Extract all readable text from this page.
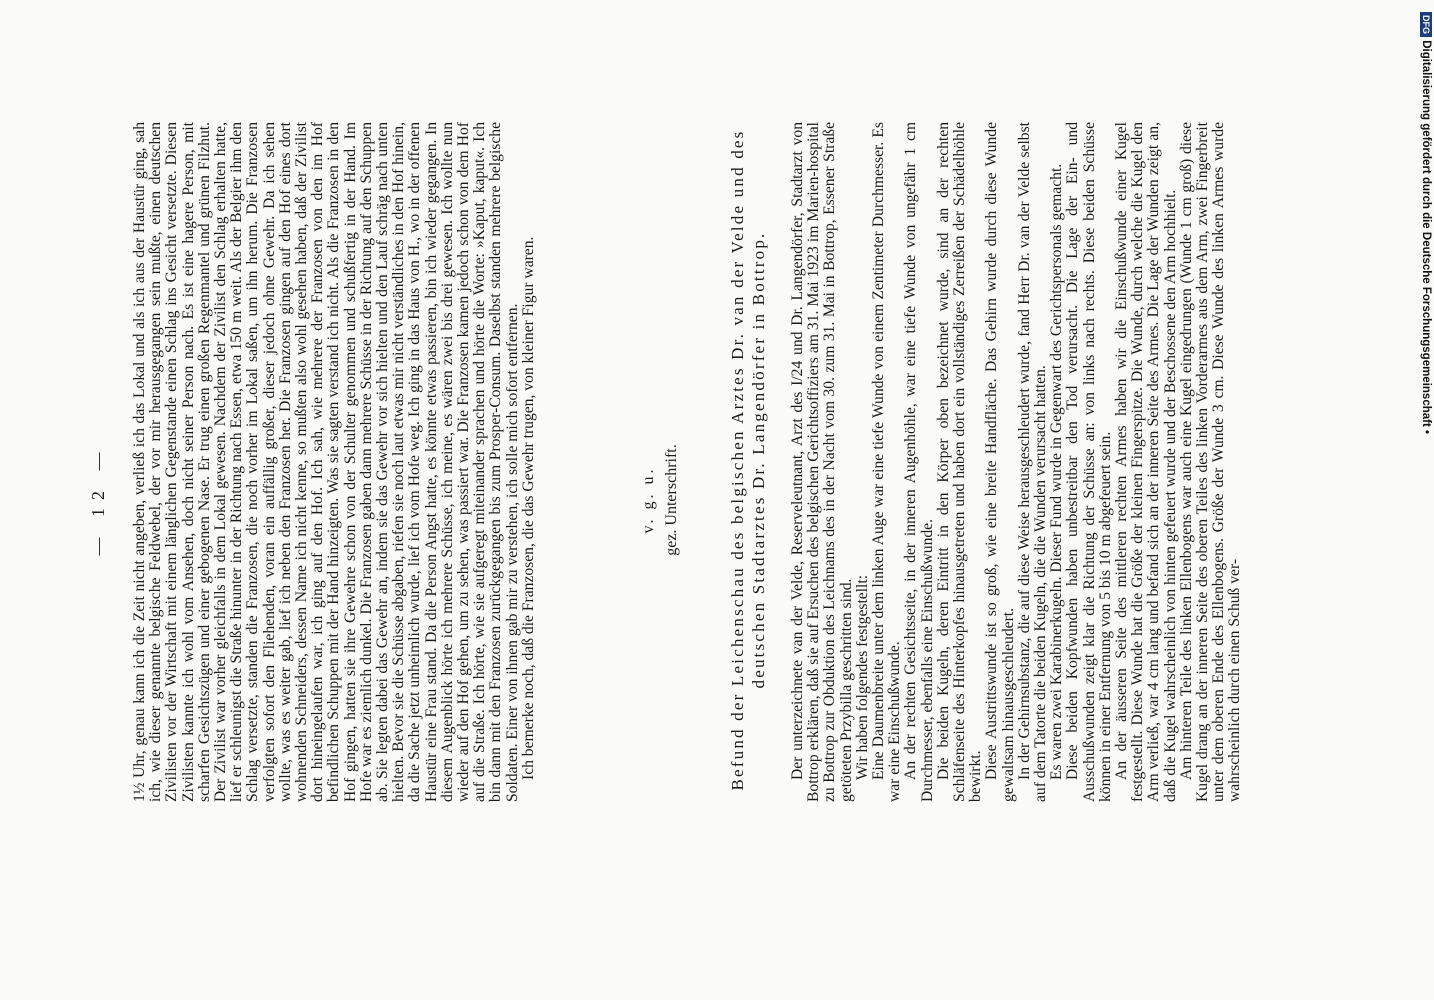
— 12 — 1½ Uhr, genau kann ich die Zeit nicht angeben, verließ ich das Lokal und als ich aus der Haustür ging, sah ich, wie dieser genannte belgische Feldwebel, der vor mir herausgegangen sein mußte, einen deutschen Zivilisten vor der Wirtschaft mit einem länglichen Gegenstande einen Schlag ins Gesicht versetzte. Diesen Zivilisten kannte ich wohl vom Ansehen, doch nicht seiner Person nach. Es ist eine hagere Person, mit scharfen Gesichtszügen und einer gebogenen Nase. Er trug einen großen Regenmantel und grünen Filzhut. Der Zivilist war vorher gleichfalls in dem Lokal gewesen. Nachdem der Zivilist den Schlag erhalten hatte, lief er schleunigst die Straße hinunter in der Richtung nach Essen, etwa 150 m weit. Als der Belgier ihm den Schlag versetzte, standen die Franzosen, die noch vorher im Lokal saßen, um ihn herum. Die Franzosen verfolgten sofort den Fliehenden, voran ein auffällig großer, dieser jedoch ohne Gewehr. Da ich sehen wollte, was es weiter gab, lief ich neben den Franzosen her. Die Franzosen gingen auf den Hof eines dort wohnenden Schneiders, dessen Name ich nicht kenne, so mußten also wohl gesehen haben, daß der Zivilist dort hineingelaufen war, ich ging auf den Hof. Ich sah, wie mehrere der Franzosen von den im Hof befindlichen Schuppen mit der Hand hinzeigten. Was sie sagten verstand ich nicht. Als die Franzosen in den Hof gingen, hatten sie ihre Gewehre schon von der Schulter genommen und schußfertig in der Hand. Im Hofe war es ziemlich dunkel. Die Franzosen gaben dann mehrere Schüsse in der Richtung auf den Schuppen ab. Sie legten dabei das Gewehr an, indem sie das Gewehr vor sich hielten und den Lauf schräg nach unten hielten. Bevor sie die Schüsse abgaben, riefen sie noch laut etwas mir nicht verständliches in den Hof hinein, da die Sache jetzt unheimlich wurde, lief ich vom Hofe weg. Ich ging in das Haus von H., wo in der offenen Haustür eine Frau stand. Da die Person Angst hatte, es könnte etwas passieren, bin ich wieder gegangen. In diesem Augenblick hörte ich mehrere Schüsse, ich meine, es wären zwei bis drei gewesen. Ich wollte nun wieder auf den Hof gehen, um zu sehen, was passiert war. Die Franzosen kamen jedoch schon von dem Hof auf die Straße. Ich hörte, wie sie aufgeregt miteinander sprachen und hörte die Worte: »Kaput, kaput«. Ich bin dann mit den Franzosen zurückgegangen bis zum Prosper-Consum. Daselbst standen mehrere belgische Soldaten. Einer von ihnen gab mir zu verstehen, ich solle mich sofort entfernen. Ich bemerke noch, daß die Franzosen, die das Gewehr trugen, von kleiner Figur waren.	v. g. u. gez. Unterschrift.	Befund der Leichenschau des belgischen Arztes Dr. van der Velde und des deutschen Stadtarztes Dr. Langendörfer in Bottrop. Der unterzeichnete van der Velde, Reserveleutnant, Arzt des I/24 und Dr. Langendörfer, Stadtarzt von Bottrop erklären, daß sie auf Ersuchen des belgischen Gerichtsoffiziers am 31. Mai 1923 im Marien-hospital zu Bottrop zur Obduktion des Leichnams des in der Nacht vom 30. zum 31. Mai in Bottrop, Essener Straße getöteten Przybilla geschritten sind. Wir haben folgendes festgestellt: Eine Daumenbreite unter dem linken Auge war eine tiefe Wunde von einem Zentimeter Durchmesser. Es war eine Einschußwunde. An der rechten Gesichtsseite, in der inneren Augenhöhle, war eine tiefe Wunde von ungefähr 1 cm Durchmesser, ebenfalls eine Einschußwunde. Die beiden Kugeln, deren Eintritt in den Körper oben bezeichnet wurde, sind an der rechten Schläfenseite des Hinterkopfes hinausgetreten und haben dort ein vollständiges Zerreißen der Schädelhöhle bewirkt. Diese Austrittswunde ist so groß, wie eine breite Handfläche. Das Gehirn wurde durch diese Wunde gewaltsam hinausgeschleudert. In der Gehirnsubstanz, die auf diese Weise herausgeschleudert wurde, fand Herr Dr. van der Velde selbst auf dem Tatorte die beiden Kugeln, die die Wunden verursacht hatten. Es waren zwei Karabinerkugeln. Dieser Fund wurde in Gegenwart des Gerichtspersonals gemacht. Diese beiden Kopfwunden haben unbestreitbar den Tod verursacht. Die Lage der Ein- und Ausschußwunden zeigt klar die Richtung der Schüsse an: von links nach rechts. Diese beiden Schüsse können in einer Entfernung von 5 bis 10 m abgefeuert sein. An der äusseren Seite des mittleren rechten Armes haben wir die Einschußwunde einer Kugel festgestellt. Diese Wunde hat die Größe der kleinen Fingerspitze. Die Wunde, durch welche die Kugel den Arm verließ, war 4 cm lang und befand sich an der inneren Seite des Armes. Die Lage der Wunden zeigt an, daß die Kugel wahrscheinlich von hinten gefeuert wurde und der Beschossene den Arm hochhielt. Am hinteren Teile des linken Ellenbogens war auch eine Kugel eingedrungen (Wunde 1 cm groß) diese Kugel drang an der inneren Seite des oberen Teiles des linken Vorderarmes aus dem Arm, zwei Fingerbreit unter dem oberen Ende des Ellenbogens. Größe der Wunde 3 cm. Diese Wunde des linken Armes wurde wahrscheinlich durch einen Schuß ver-

DFG Digitalisierung gefördert durch die Deutsche Forschungsgemeinschaft •
